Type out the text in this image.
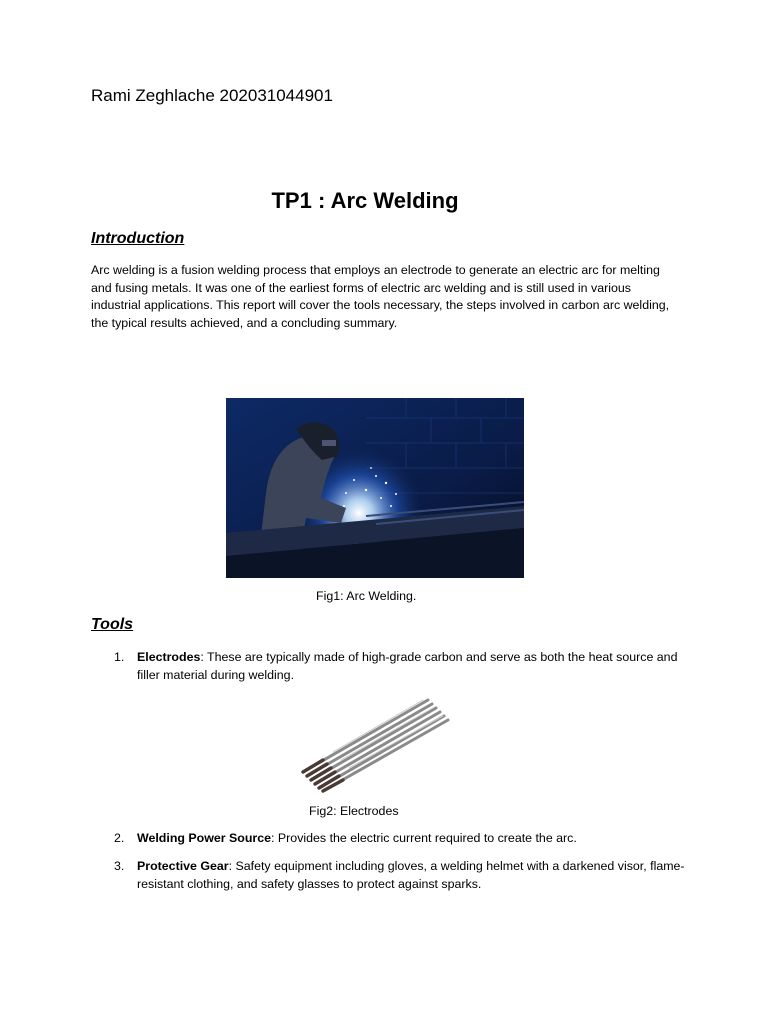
Rami Zeghlache 202031044901
TP1 : Arc Welding
Introduction
Arc welding is a fusion welding process that employs an electrode to generate an electric arc for melting and fusing metals. It was one of the earliest forms of electric arc welding and is still used in various industrial applications. This report will cover the tools necessary, the steps involved in carbon arc welding, the typical results achieved, and a concluding summary.
Fig1: Arc Welding.
Tools
1. Electrodes: These are typically made of high-grade carbon and serve as both the heat source and filler material during welding.
Fig2: Electrodes
2. Welding Power Source: Provides the electric current required to create the arc.
3. Protective Gear: Safety equipment including gloves, a welding helmet with a darkened visor, flame-resistant clothing, and safety glasses to protect against sparks.
